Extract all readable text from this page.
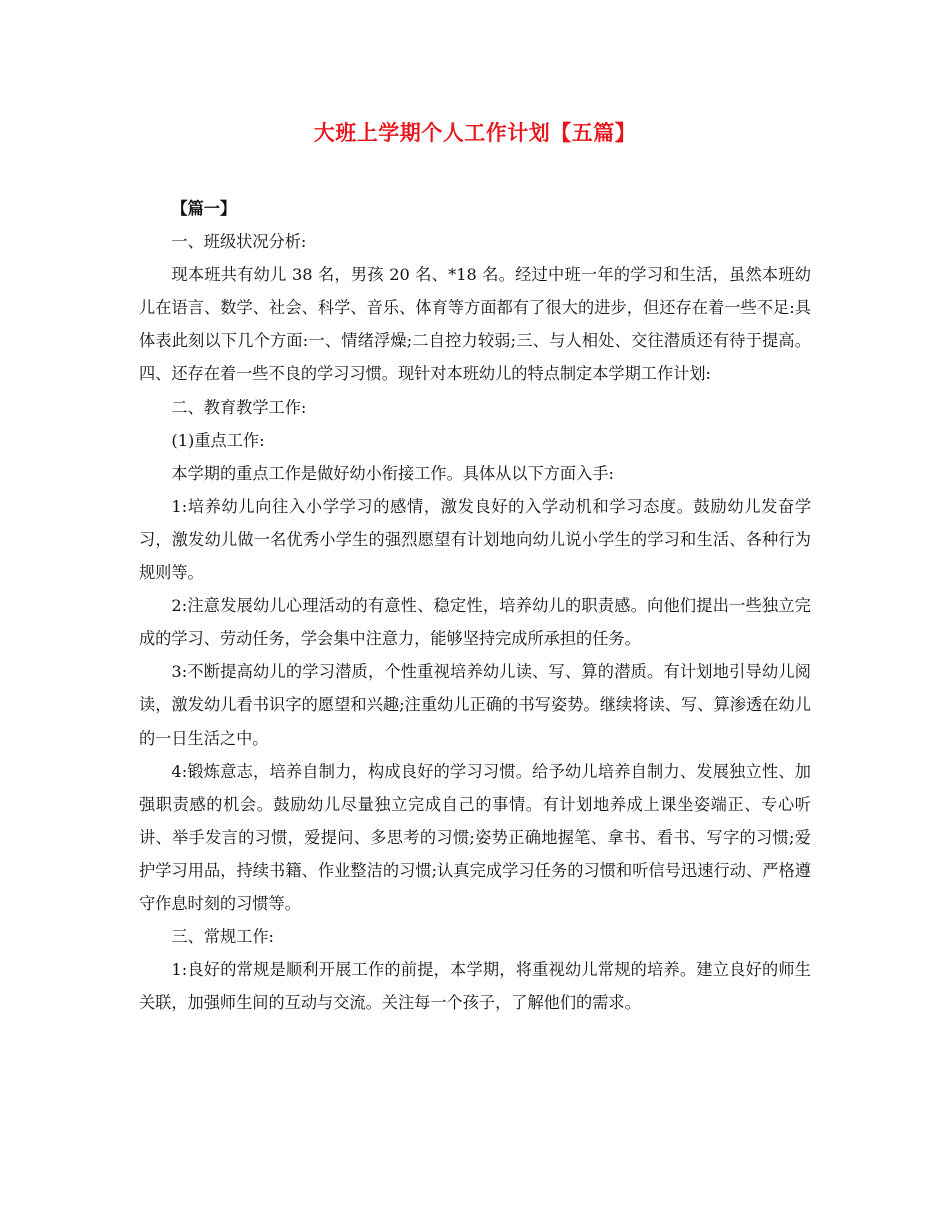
大班上学期个人工作计划【五篇】

【篇一】

一、班级状况分析:

现本班共有幼儿 38 名，男孩 20 名、*18 名。经过中班一年的学习和生活，虽然本班幼儿在语言、数学、社会、科学、音乐、体育等方面都有了很大的进步，但还存在着一些不足:具体表此刻以下几个方面:一、情绪浮燥;二自控力较弱;三、与人相处、交往潜质还有待于提高。四、还存在着一些不良的学习习惯。现针对本班幼儿的特点制定本学期工作计划:

二、教育教学工作:

(1)重点工作:

本学期的重点工作是做好幼小衔接工作。具体从以下方面入手:

1:培养幼儿向往入小学学习的感情，激发良好的入学动机和学习态度。鼓励幼儿发奋学习，激发幼儿做一名优秀小学生的强烈愿望有计划地向幼儿说小学生的学习和生活、各种行为规则等。

2:注意发展幼儿心理活动的有意性、稳定性，培养幼儿的职责感。向他们提出一些独立完成的学习、劳动任务，学会集中注意力，能够坚持完成所承担的任务。

3:不断提高幼儿的学习潜质，个性重视培养幼儿读、写、算的潜质。有计划地引导幼儿阅读，激发幼儿看书识字的愿望和兴趣;注重幼儿正确的书写姿势。继续将读、写、算渗透在幼儿的一日生活之中。

4:锻炼意志，培养自制力，构成良好的学习习惯。给予幼儿培养自制力、发展独立性、加强职责感的机会。鼓励幼儿尽量独立完成自己的事情。有计划地养成上课坐姿端正、专心听讲、举手发言的习惯，爱提问、多思考的习惯;姿势正确地握笔、拿书、看书、写字的习惯;爱护学习用品，持续书籍、作业整洁的习惯;认真完成学习任务的习惯和听信号迅速行动、严格遵守作息时刻的习惯等。

三、常规工作:

1:良好的常规是顺利开展工作的前提，本学期，将重视幼儿常规的培养。建立良好的师生关联，加强师生间的互动与交流。关注每一个孩子，了解他们的需求。
